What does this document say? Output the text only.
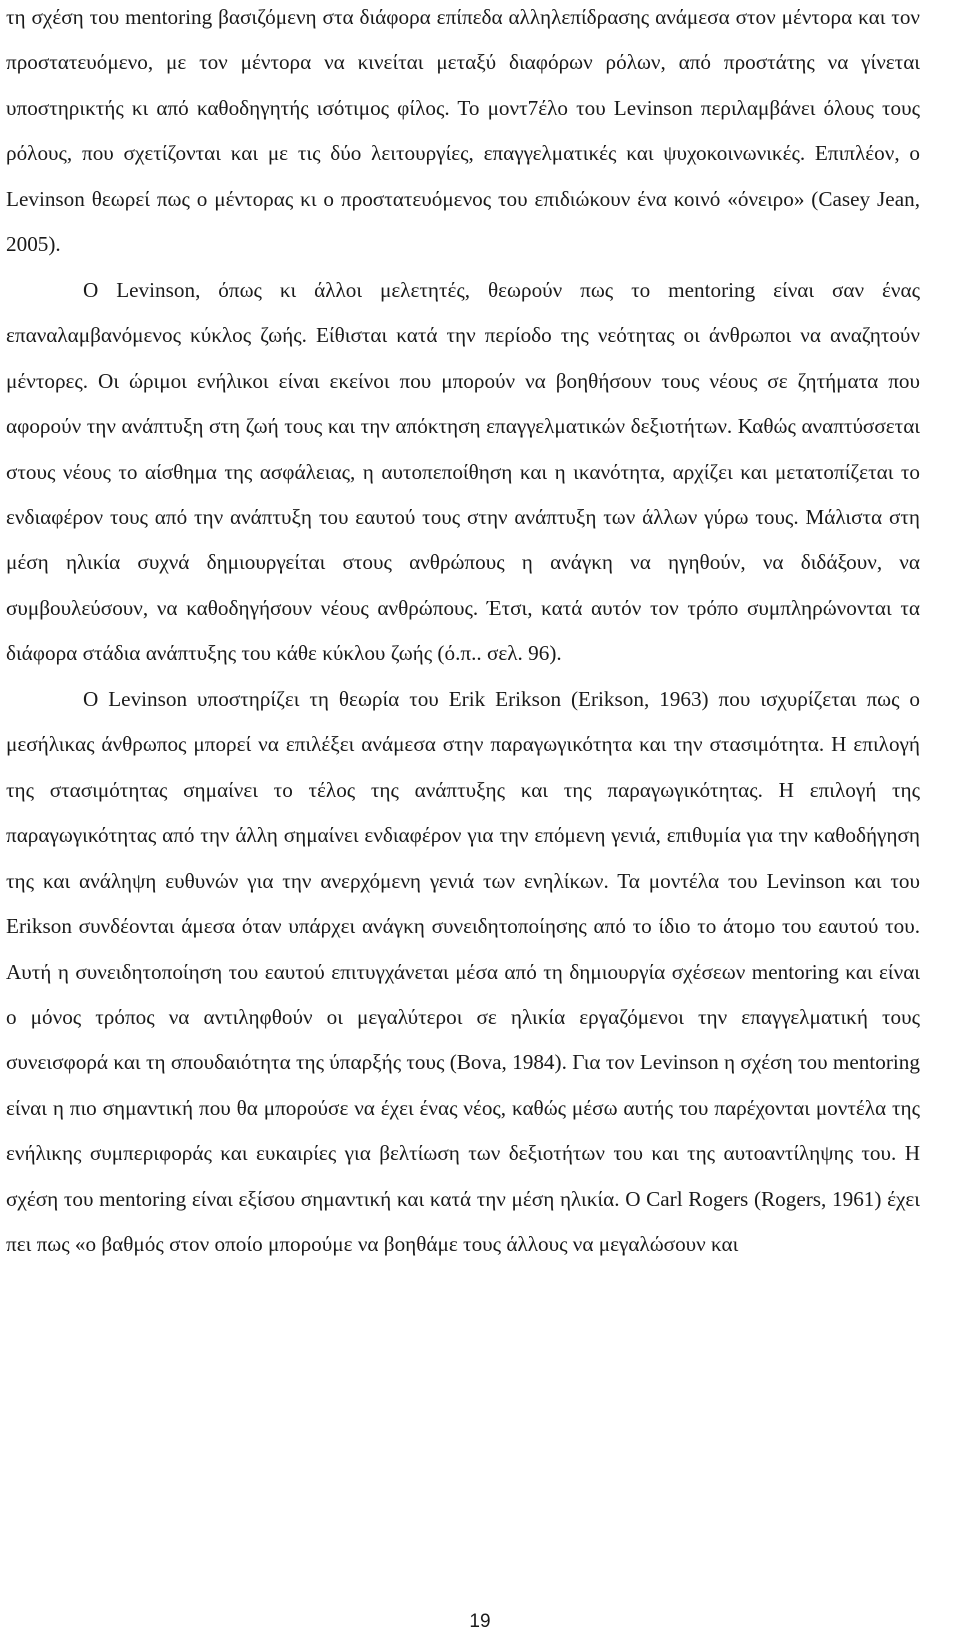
τη σχέση του mentoring βασιζόμενη στα διάφορα επίπεδα αλληλεπίδρασης ανάμεσα στον μέντορα και τον προστατευόμενο, με τον μέντορα να κινείται μεταξύ διαφόρων ρόλων, από προστάτης να γίνεται υποστηρικτής κι από καθοδηγητής ισότιμος φίλος. Το μοντ7έλο του Levinson περιλαμβάνει όλους τους ρόλους, που σχετίζονται και με τις δύο λειτουργίες, επαγγελματικές και ψυχοκοινωνικές. Επιπλέον, ο Levinson θεωρεί πως ο μέντορας κι ο προστατευόμενος του επιδιώκουν ένα κοινό «όνειρο» (Casey Jean, 2005).

Ο Levinson, όπως κι άλλοι μελετητές, θεωρούν πως το mentoring είναι σαν ένας επαναλαμβανόμενος κύκλος ζωής. Είθισται κατά την περίοδο της νεότητας οι άνθρωποι να αναζητούν μέντορες. Οι ώριμοι ενήλικοι είναι εκείνοι που μπορούν να βοηθήσουν τους νέους σε ζητήματα που αφορούν την ανάπτυξη στη ζωή τους και την απόκτηση επαγγελματικών δεξιοτήτων. Καθώς αναπτύσσεται στους νέους το αίσθημα της ασφάλειας, η αυτοπεποίθηση και η ικανότητα, αρχίζει και μετατοπίζεται το ενδιαφέρον τους από την ανάπτυξη του εαυτού τους στην ανάπτυξη των άλλων γύρω τους. Μάλιστα στη μέση ηλικία συχνά δημιουργείται στους ανθρώπους η ανάγκη να ηγηθούν, να διδάξουν, να συμβουλεύσουν, να καθοδηγήσουν νέους ανθρώπους. Έτσι, κατά αυτόν τον τρόπο συμπληρώνονται τα διάφορα στάδια ανάπτυξης του κάθε κύκλου ζωής (ό.π.. σελ. 96).

Ο Levinson υποστηρίζει τη θεωρία του Erik Erikson (Erikson, 1963) που ισχυρίζεται πως ο μεσήλικας άνθρωπος μπορεί να επιλέξει ανάμεσα στην παραγωγικότητα και την στασιμότητα. Η επιλογή της στασιμότητας σημαίνει το τέλος της ανάπτυξης και της παραγωγικότητας. Η επιλογή της παραγωγικότητας από την άλλη σημαίνει ενδιαφέρον για την επόμενη γενιά, επιθυμία για την καθοδήγηση της και ανάληψη ευθυνών για την ανερχόμενη γενιά των ενηλίκων. Τα μοντέλα του Levinson και του Erikson συνδέονται άμεσα όταν υπάρχει ανάγκη συνειδητοποίησης από το ίδιο το άτομο του εαυτού του. Αυτή η συνειδητοποίηση του εαυτού επιτυγχάνεται μέσα από τη δημιουργία σχέσεων mentoring και είναι ο μόνος τρόπος να αντιληφθούν οι μεγαλύτεροι σε ηλικία εργαζόμενοι την επαγγελματική τους συνεισφορά και τη σπουδαιότητα της ύπαρξής τους (Bova, 1984). Για τον Levinson η σχέση του mentoring είναι η πιο σημαντική που θα μπορούσε να έχει ένας νέος, καθώς μέσω αυτής του παρέχονται μοντέλα της ενήλικης συμπεριφοράς και ευκαιρίες για βελτίωση των δεξιοτήτων του και της αυτοαντίληψης του. Η σχέση του mentoring είναι εξίσου σημαντική και κατά την μέση ηλικία. Ο Carl Rogers (Rogers, 1961) έχει πει πως «ο βαθμός στον οποίο μπορούμε να βοηθάμε τους άλλους να μεγαλώσουν και

19
